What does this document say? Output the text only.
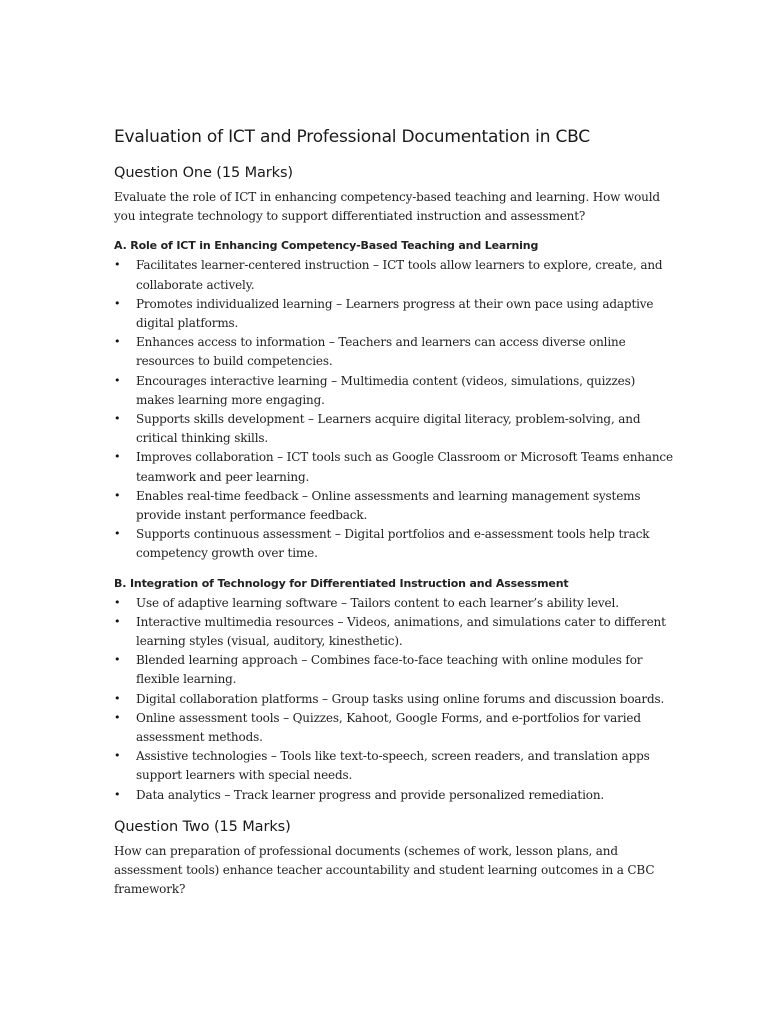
Evaluation of ICT and Professional Documentation in CBC
Question One (15 Marks)

Evaluate the role of ICT in enhancing competency-based teaching and learning. How would you integrate technology to support differentiated instruction and assessment?

A. Role of ICT in Enhancing Competency-Based Teaching and Learning
• Facilitates learner-centered instruction – ICT tools allow learners to explore, create, and collaborate actively.
• Promotes individualized learning – Learners progress at their own pace using adaptive digital platforms.
• Enhances access to information – Teachers and learners can access diverse online resources to build competencies.
• Encourages interactive learning – Multimedia content (videos, simulations, quizzes) makes learning more engaging.
• Supports skills development – Learners acquire digital literacy, problem-solving, and critical thinking skills.
• Improves collaboration – ICT tools such as Google Classroom or Microsoft Teams enhance teamwork and peer learning.
• Enables real-time feedback – Online assessments and learning management systems provide instant performance feedback.
• Supports continuous assessment – Digital portfolios and e-assessment tools help track competency growth over time.
B. Integration of Technology for Differentiated Instruction and Assessment
• Use of adaptive learning software – Tailors content to each learner’s ability level.
• Interactive multimedia resources – Videos, animations, and simulations cater to different learning styles (visual, auditory, kinesthetic).
• Blended learning approach – Combines face-to-face teaching with online modules for flexible learning.
• Digital collaboration platforms – Group tasks using online forums and discussion boards.
• Online assessment tools – Quizzes, Kahoot, Google Forms, and e-portfolios for varied assessment methods.
• Assistive technologies – Tools like text-to-speech, screen readers, and translation apps support learners with special needs.
• Data analytics – Track learner progress and provide personalized remediation.
Question Two (15 Marks)

How can preparation of professional documents (schemes of work, lesson plans, and assessment tools) enhance teacher accountability and student learning outcomes in a CBC framework?
